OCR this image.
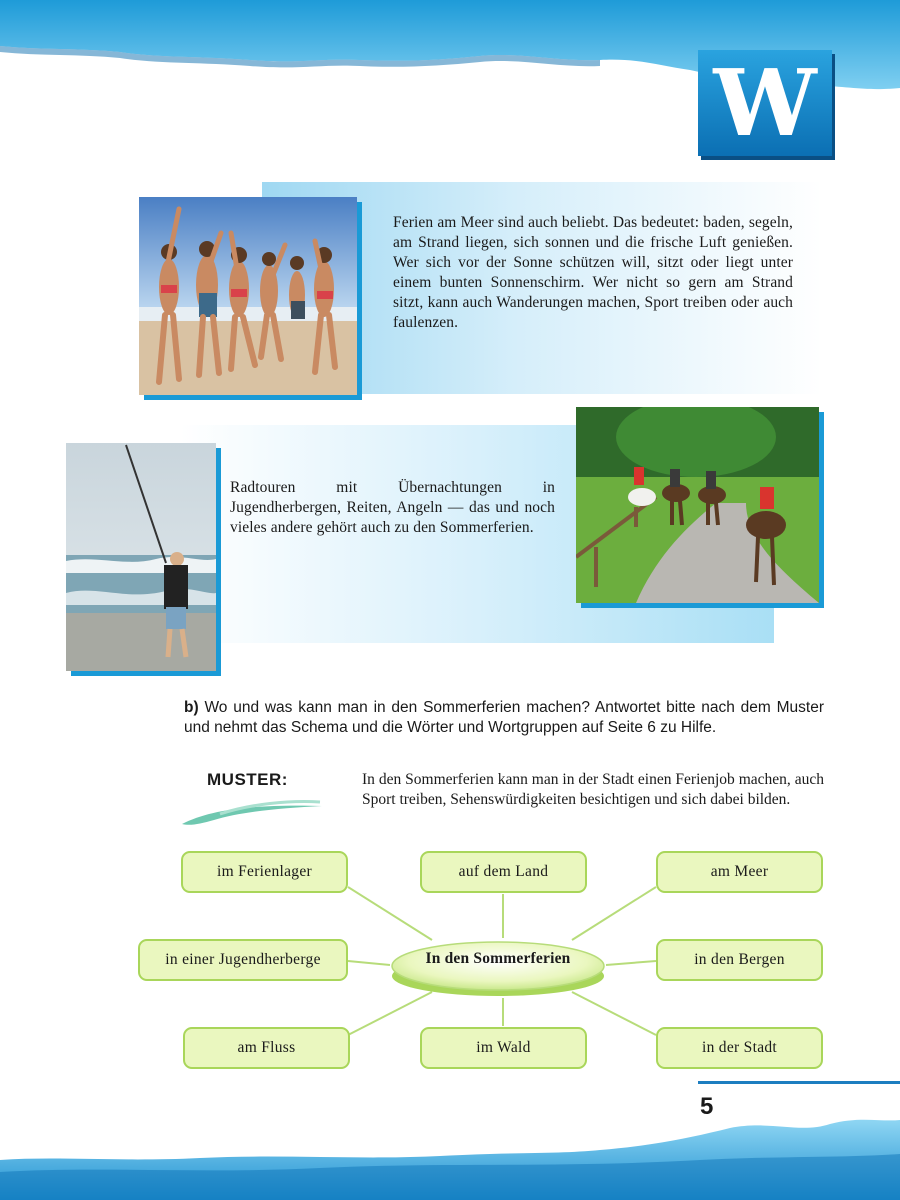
W
Ferien am Meer sind auch beliebt. Das bedeutet: baden, segeln, am Strand liegen, sich sonnen und die frische Luft genießen. Wer sich vor der Sonne schützen will, sitzt oder liegt unter einem bunten Sonnenschirm. Wer nicht so gern am Strand sitzt, kann auch Wanderungen machen, Sport treiben oder auch faulenzen.
Radtouren mit Übernachtungen in Jugendherbergen, Reiten, Angeln — das und noch vieles andere gehört auch zu den Sommerferien.
b) Wo und was kann man in den Sommerferien machen? Antwortet bitte nach dem Muster und nehmt das Schema und die Wörter und Wortgruppen auf Seite 6 zu Hilfe.
MUSTER:	In den Sommerferien kann man in der Stadt einen Ferienjob machen, auch Sport treiben, Sehenswürdigkeiten besichtigen und sich dabei bilden.
im Ferienlager	auf dem Land	am Meer
in einer Jugendherberge	in den Bergen
am Fluss	im Wald	in der Stadt
In den Sommerferien
5
